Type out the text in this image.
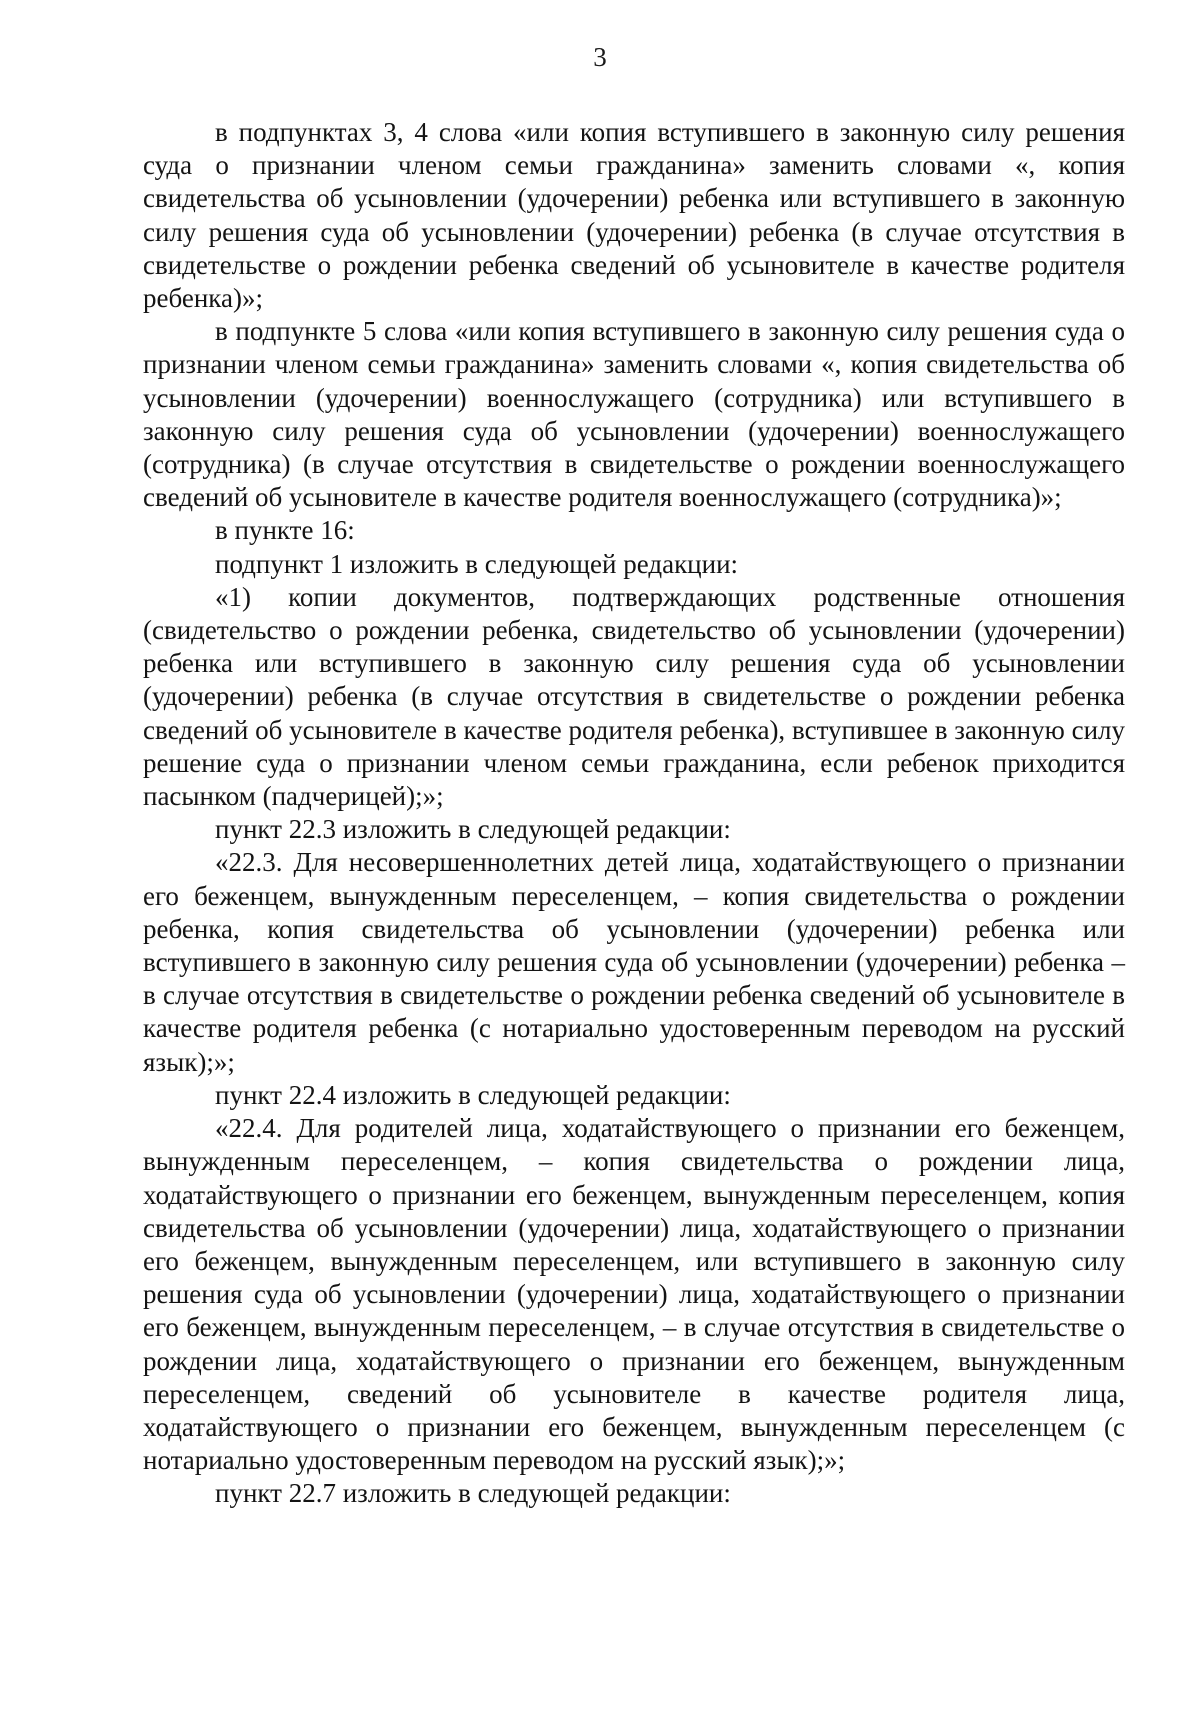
3

в подпунктах 3, 4 слова «или копия вступившего в законную силу решения суда о признании членом семьи гражданина» заменить словами «, копия свидетельства об усыновлении (удочерении) ребенка или вступившего в законную силу решения суда об усыновлении (удочерении) ребенка (в случае отсутствия в свидетельстве о рождении ребенка сведений об усыновителе в качестве родителя ребенка)»;

в подпункте 5 слова «или копия вступившего в законную силу решения суда о признании членом семьи гражданина» заменить словами «, копия свидетельства об усыновлении (удочерении) военнослужащего (сотрудника) или вступившего в законную силу решения суда об усыновлении (удочерении) военнослужащего (сотрудника) (в случае отсутствия в свидетельстве о рождении военнослужащего сведений об усыновителе в качестве родителя военнослужащего (сотрудника)»;

в пункте 16:

подпункт 1 изложить в следующей редакции:

«1) копии документов, подтверждающих родственные отношения (свидетельство о рождении ребенка, свидетельство об усыновлении (удочерении) ребенка или вступившего в законную силу решения суда об усыновлении (удочерении) ребенка (в случае отсутствия в свидетельстве о рождении ребенка сведений об усыновителе в качестве родителя ребенка), вступившее в законную силу решение суда о признании членом семьи гражданина, если ребенок приходится пасынком (падчерицей);»;

пункт 22.3 изложить в следующей редакции:

«22.3. Для несовершеннолетних детей лица, ходатайствующего о признании его беженцем, вынужденным переселенцем, – копия свидетельства о рождении ребенка, копия свидетельства об усыновлении (удочерении) ребенка или вступившего в законную силу решения суда об усыновлении (удочерении) ребенка – в случае отсутствия в свидетельстве о рождении ребенка сведений об усыновителе в качестве родителя ребенка (с нотариально удостоверенным переводом на русский язык);»;

пункт 22.4 изложить в следующей редакции:

«22.4. Для родителей лица, ходатайствующего о признании его беженцем, вынужденным переселенцем, – копия свидетельства о рождении лица, ходатайствующего о признании его беженцем, вынужденным переселенцем, копия свидетельства об усыновлении (удочерении) лица, ходатайствующего о признании его беженцем, вынужденным переселенцем, или вступившего в законную силу решения суда об усыновлении (удочерении) лица, ходатайствующего о признании его беженцем, вынужденным переселенцем, – в случае отсутствия в свидетельстве о рождении лица, ходатайствующего о признании его беженцем, вынужденным переселенцем, сведений об усыновителе в качестве родителя лица, ходатайствующего о признании его беженцем, вынужденным переселенцем (с нотариально удостоверенным переводом на русский язык);»;

пункт 22.7 изложить в следующей редакции:
